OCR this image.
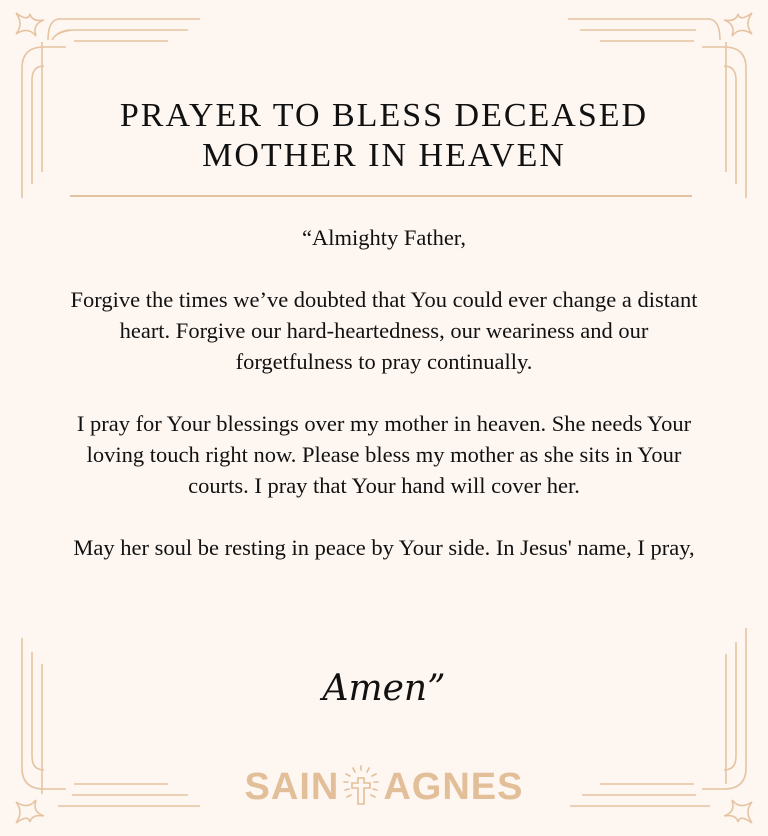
PRAYER TO BLESS DECEASED
MOTHER IN HEAVEN

“Almighty Father,

Forgive the times we’ve doubted that You could ever change a distant heart. Forgive our hard-heartedness, our weariness and our forgetfulness to pray continually.

I pray for Your blessings over my mother in heaven. She needs Your loving touch right now. Please bless my mother as she sits in Your courts. I pray that Your hand will cover her.

May her soul be resting in peace by Your side. In Jesus' name, I pray,

Amen”
SAIN AGNES
